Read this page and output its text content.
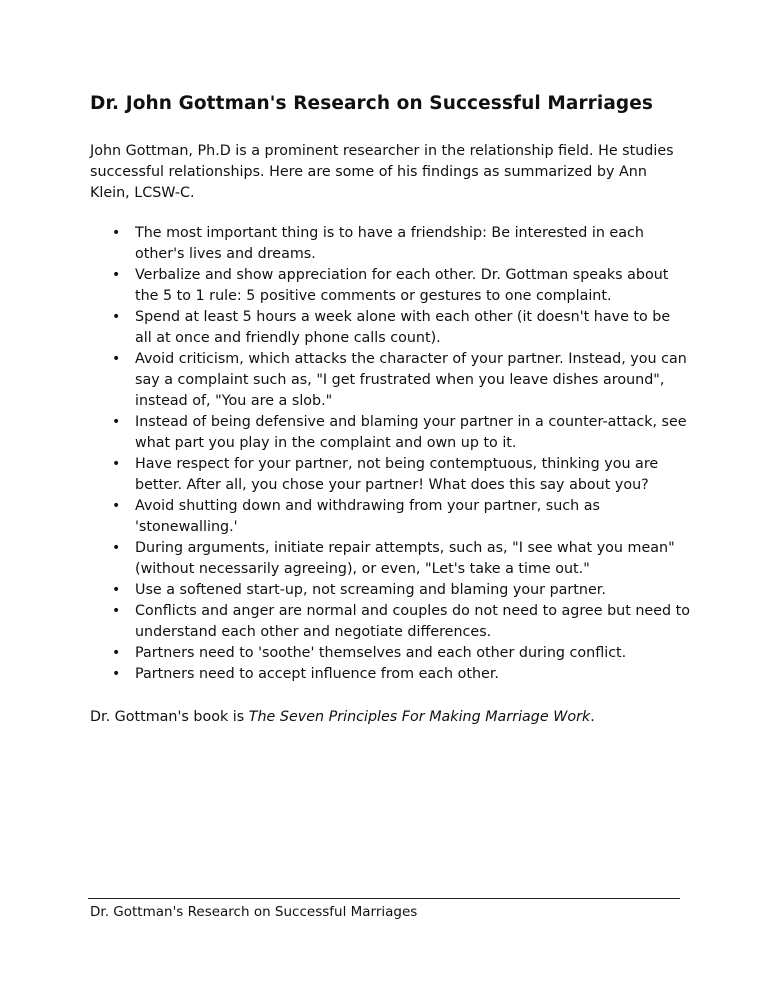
Dr. John Gottman's Research on Successful Marriages

John Gottman, Ph.D is a prominent researcher in the relationship field. He studies successful relationships. Here are some of his findings as summarized by Ann Klein, LCSW-C.

• The most important thing is to have a friendship: Be interested in each other's lives and dreams.
• Verbalize and show appreciation for each other. Dr. Gottman speaks about the 5 to 1 rule: 5 positive comments or gestures to one complaint.
• Spend at least 5 hours a week alone with each other (it doesn't have to be all at once and friendly phone calls count).
• Avoid criticism, which attacks the character of your partner. Instead, you can say a complaint such as, "I get frustrated when you leave dishes around", instead of, "You are a slob."
• Instead of being defensive and blaming your partner in a counter-attack, see what part you play in the complaint and own up to it.
• Have respect for your partner, not being contemptuous, thinking you are better. After all, you chose your partner! What does this say about you?
• Avoid shutting down and withdrawing from your partner, such as 'stonewalling.'
• During arguments, initiate repair attempts, such as, "I see what you mean" (without necessarily agreeing), or even, "Let's take a time out."
• Use a softened start-up, not screaming and blaming your partner.
• Conflicts and anger are normal and couples do not need to agree but need to understand each other and negotiate differences.
• Partners need to 'soothe' themselves and each other during conflict.
• Partners need to accept influence from each other.

Dr. Gottman's book is The Seven Principles For Making Marriage Work.

Dr. Gottman's Research on Successful Marriages
